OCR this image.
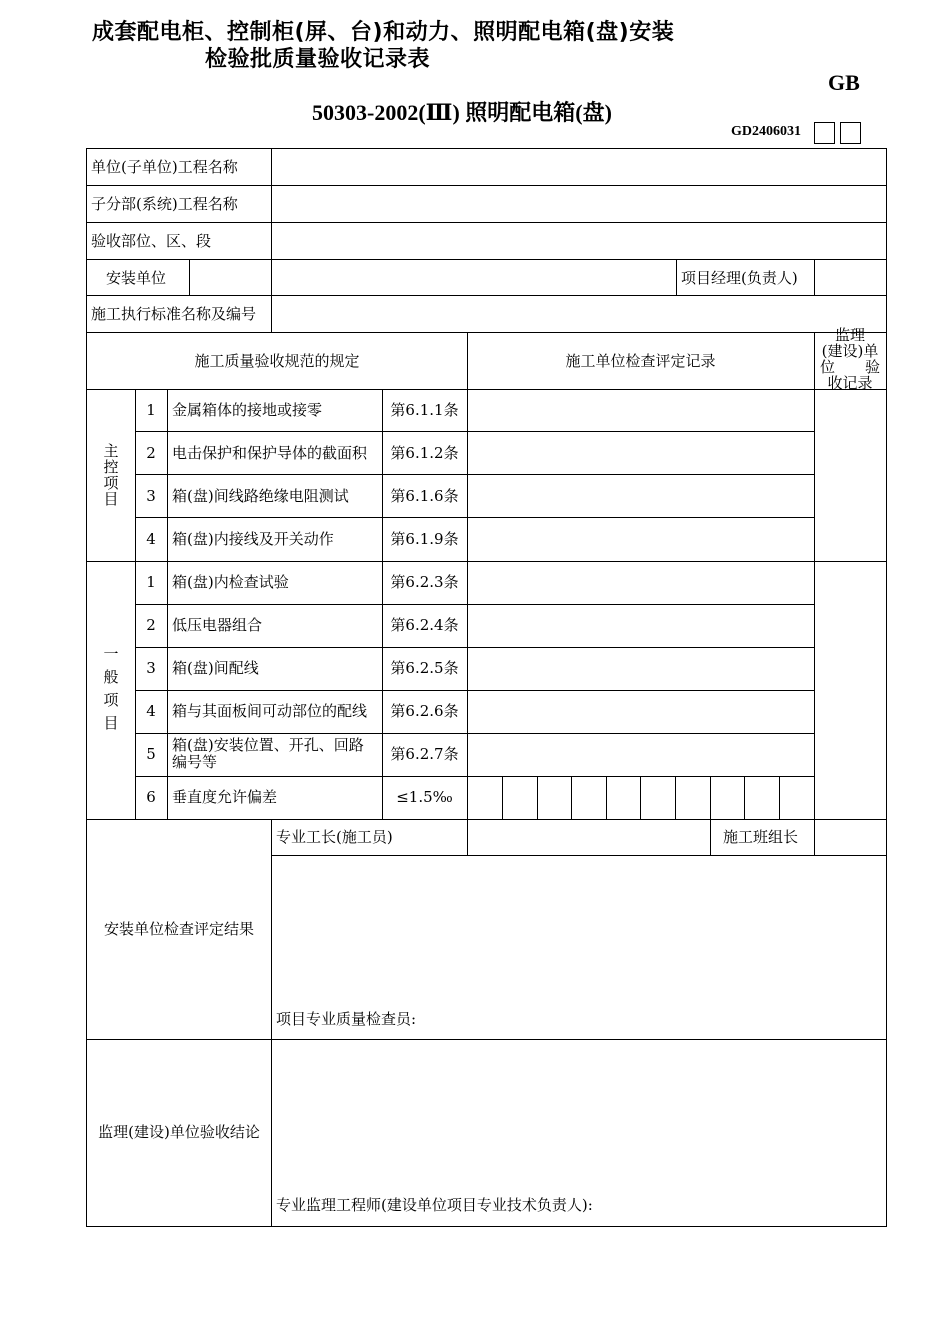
成套配电柜、控制柜(屏、台)和动力、照明配电箱(盘)安装
检验批质量验收记录表
GB
50303-2002(Ⅲ) 照明配电箱(盘)
GD2406031
单位(子单位)工程名称
子分部(系统)工程名称
验收部位、区、段
安装单位	项目经理(负责人)
施工执行标准名称及编号
施工质量验收规范的规定	施工单位检查评定记录
监理
(建设)单
位　　验
收记录
主
控
项
目
1	金属箱体的接地或接零	第6.1.1条
2	电击保护和保护导体的截面积	第6.1.2条
3	箱(盘)间线路绝缘电阻测试	第6.1.6条
4	箱(盘)内接线及开关动作	第6.1.9条
一
般
项
目
1	箱(盘)内检查试验	第6.2.3条
2	低压电器组合	第6.2.4条
3	箱(盘)间配线	第6.2.5条
4	箱与其面板间可动部位的配线	第6.2.6条
5	箱(盘)安装位置、开孔、回路
编号等	第6.2.7条
6	垂直度允许偏差	≤1.5‰
专业工长(施工员)	施工班组长
安装单位检查评定结果
项目专业质量检查员:
监理(建设)单位验收结论
专业监理工程师(建设单位项目专业技术负责人):
